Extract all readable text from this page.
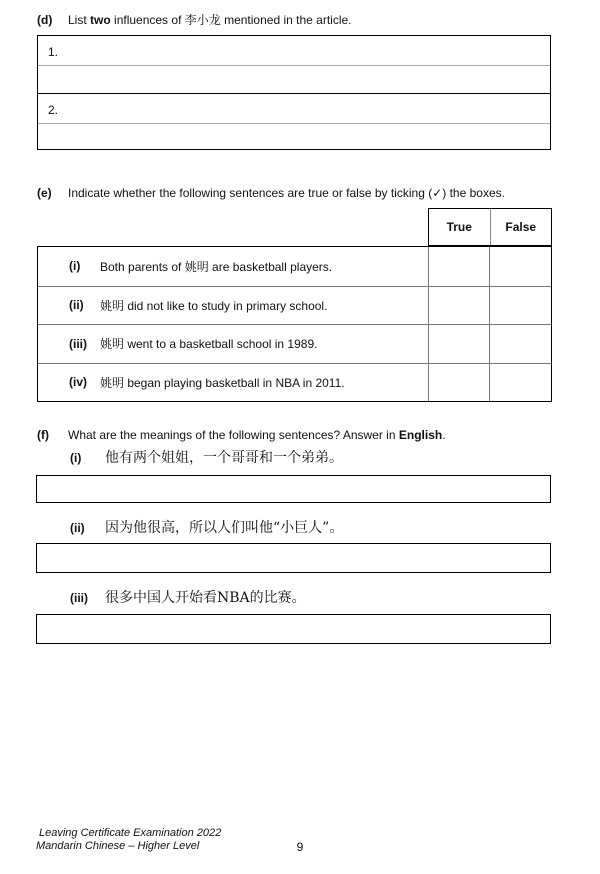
(d)	List two influences of 李小龙 mentioned in the article.
1.
2.
(e)	Indicate whether the following sentences are true or false by ticking (✓) the boxes.
True	False
(i)	Both parents of 姚明 are basketball players.
(ii)	姚明 did not like to study in primary school.
(iii)	姚明 went to a basketball school in 1989.
(iv)	姚明 began playing basketball in NBA in 2011.
(f)	What are the meanings of the following sentences? Answer in English.
(i)	他有两个姐姐，一个哥哥和一个弟弟。
(ii)	因为他很高，所以人们叫他“小巨人”。
(iii)	很多中国人开始看NBA的比赛。
Leaving Certificate Examination 2022
Mandarin Chinese – Higher Level	9
